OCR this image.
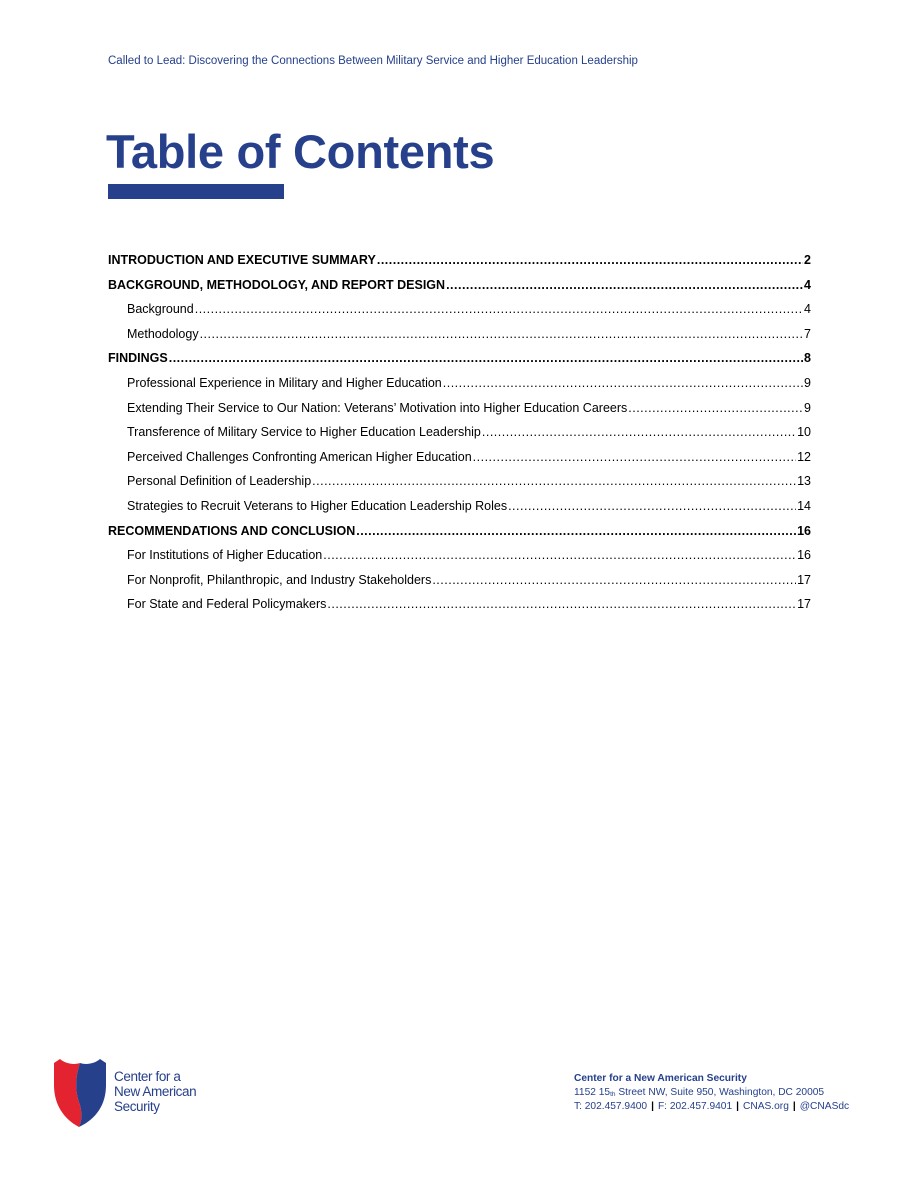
Called to Lead: Discovering the Connections Between Military Service and Higher Education Leadership
Table of Contents
INTRODUCTION AND EXECUTIVE SUMMARY .....	2
BACKGROUND, METHODOLOGY, AND REPORT DESIGN .....	4
Background .....	4
Methodology .....	7
FINDINGS .....	8
Professional Experience in Military and Higher Education .....	9
Extending Their Service to Our Nation: Veterans’ Motivation into Higher Education Careers .....	9
Transference of Military Service to Higher Education Leadership .....	10
Perceived Challenges Confronting American Higher Education .....	12
Personal Definition of Leadership .....	13
Strategies to Recruit Veterans to Higher Education Leadership Roles .....	14
RECOMMENDATIONS AND CONCLUSION .....	16
For Institutions of Higher Education .....	16
For Nonprofit, Philanthropic, and Industry Stakeholders .....	17
For State and Federal Policymakers .....	17
Center for a
New American
Security
Center for a New American Security
1152 15th Street NW, Suite 950, Washington, DC 20005
T: 202.457.9400 | F: 202.457.9401 | CNAS.org | @CNASdc
